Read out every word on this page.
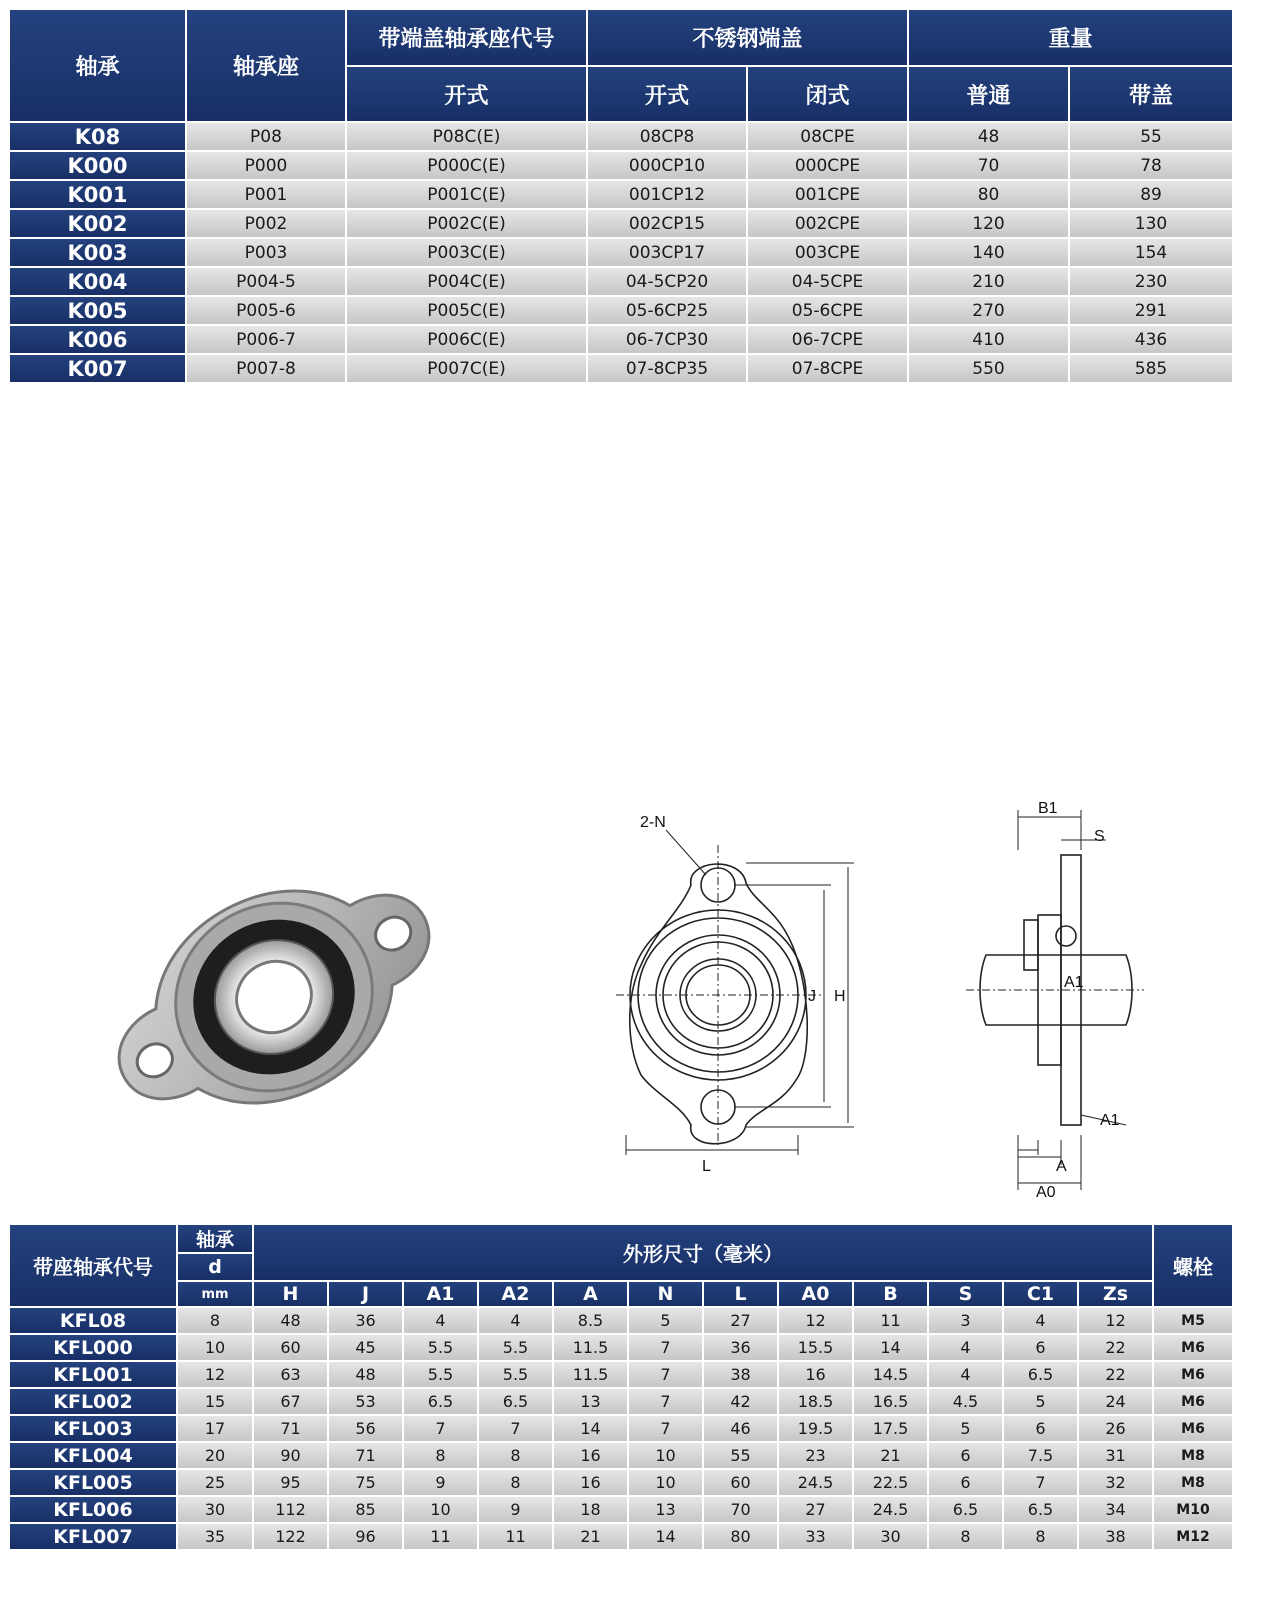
轴承	轴承座	带端盖轴承座代号	不锈钢端盖		重量	
		开式	开式	闭式	普通	带盖
K08	P08	P08C(E)	08CP8	08CPE	48	55
K000	P000	P000C(E)	000CP10	000CPE	70	78
K001	P001	P001C(E)	001CP12	001CPE	80	89
K002	P002	P002C(E)	002CP15	002CPE	120	130
K003	P003	P003C(E)	003CP17	003CPE	140	154
K004	P004-5	P004C(E)	04-5CP20	04-5CPE	210	230
K005	P005-6	P005C(E)	05-6CP25	05-6CPE	270	291
K006	P006-7	P006C(E)	06-7CP30	06-7CPE	410	436
K007	P007-8	P007C(E)	07-8CP35	07-8CPE	550	585
2-N
J H
L
B1
S
A1
A1
A
A0
带座轴承代号	轴承	外形尺寸（毫米）												螺栓
	d													
	mm	H	J	A1	A2	A	N	L	A0	B	S	C1	Zs	
KFL08	8	48	36	4	4	8.5	5	27	12	11	3	4	12	M5
KFL000	10	60	45	5.5	5.5	11.5	7	36	15.5	14	4	6	22	M6
KFL001	12	63	48	5.5	5.5	11.5	7	38	16	14.5	4	6.5	22	M6
KFL002	15	67	53	6.5	6.5	13	7	42	18.5	16.5	4.5	5	24	M6
KFL003	17	71	56	7	7	14	7	46	19.5	17.5	5	6	26	M6
KFL004	20	90	71	8	8	16	10	55	23	21	6	7.5	31	M8
KFL005	25	95	75	9	8	16	10	60	24.5	22.5	6	7	32	M8
KFL006	30	112	85	10	9	18	13	70	27	24.5	6.5	6.5	34	M10
KFL007	35	122	96	11	11	21	14	80	33	30	8	8	38	M12
